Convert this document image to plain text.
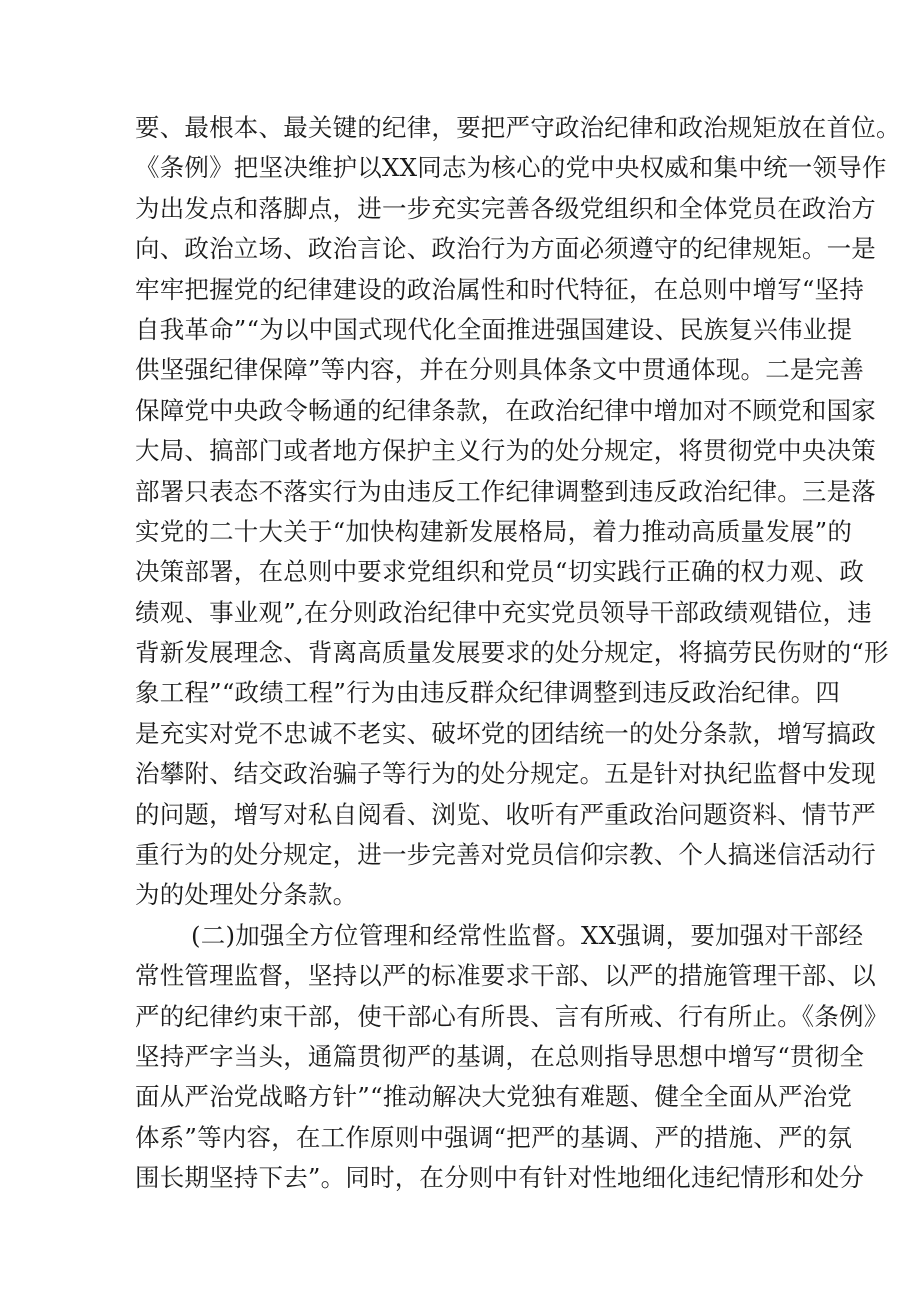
要、最根本、最关键的纪律，要把严守政治纪律和政治规矩放在首位。
《条例》把坚决维护以XX同志为核心的党中央权威和集中统一领导作
为出发点和落脚点，进一步充实完善各级党组织和全体党员在政治方
向、政治立场、政治言论、政治行为方面必须遵守的纪律规矩。一是
牢牢把握党的纪律建设的政治属性和时代特征，在总则中增写“坚持
自我革命”“为以中国式现代化全面推进强国建设、民族复兴伟业提
供坚强纪律保障”等内容，并在分则具体条文中贯通体现。二是完善
保障党中央政令畅通的纪律条款，在政治纪律中增加对不顾党和国家
大局、搞部门或者地方保护主义行为的处分规定，将贯彻党中央决策
部署只表态不落实行为由违反工作纪律调整到违反政治纪律。三是落
实党的二十大关于“加快构建新发展格局，着力推动高质量发展”的
决策部署，在总则中要求党组织和党员“切实践行正确的权力观、政
绩观、事业观”,在分则政治纪律中充实党员领导干部政绩观错位，违
背新发展理念、背离高质量发展要求的处分规定，将搞劳民伤财的“形
象工程”“政绩工程”行为由违反群众纪律调整到违反政治纪律。四
是充实对党不忠诚不老实、破坏党的团结统一的处分条款，增写搞政
治攀附、结交政治骗子等行为的处分规定。五是针对执纪监督中发现
的问题，增写对私自阅看、浏览、收听有严重政治问题资料、情节严
重行为的处分规定，进一步完善对党员信仰宗教、个人搞迷信活动行
为的处理处分条款。
(二)加强全方位管理和经常性监督。XX强调，要加强对干部经
常性管理监督，坚持以严的标准要求干部、以严的措施管理干部、以
严的纪律约束干部，使干部心有所畏、言有所戒、行有所止。《条例》
坚持严字当头，通篇贯彻严的基调，在总则指导思想中增写“贯彻全
面从严治党战略方针”“推动解决大党独有难题、健全全面从严治党
体系”等内容，在工作原则中强调“把严的基调、严的措施、严的氛
围长期坚持下去”。同时，在分则中有针对性地细化违纪情形和处分
